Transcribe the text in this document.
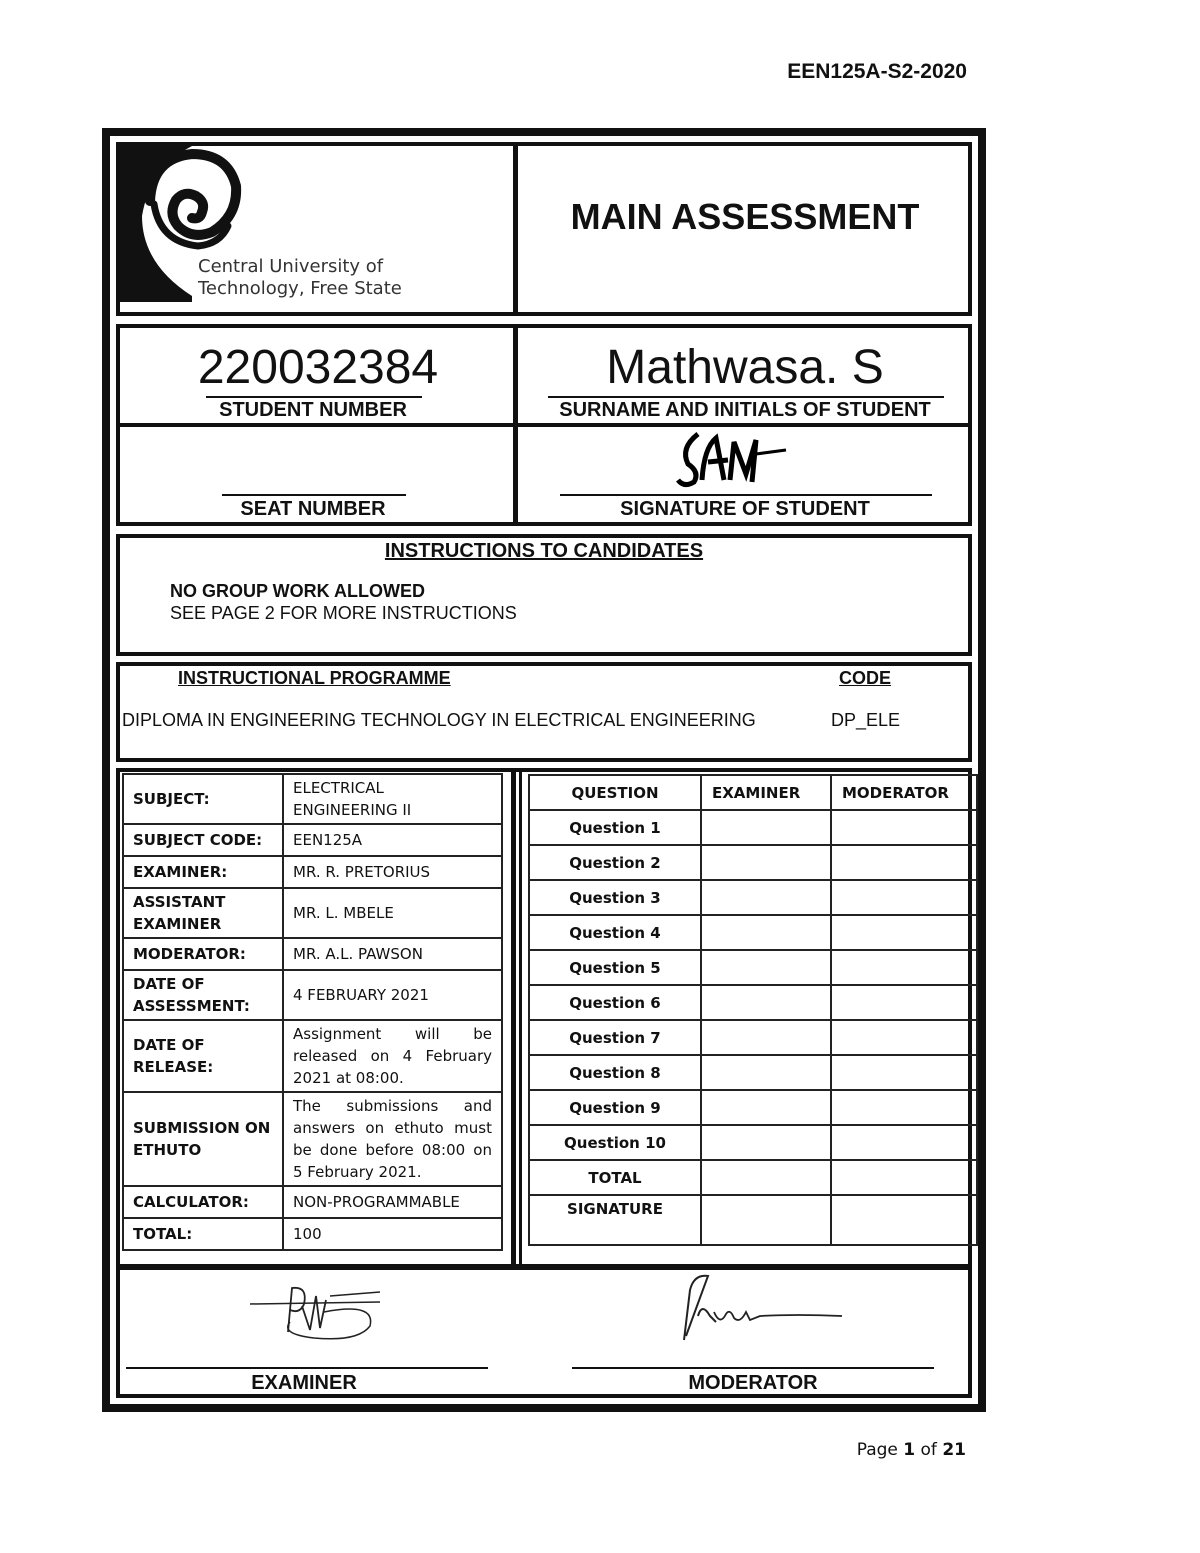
EEN125A-S2-2020
Central University of
Technology, Free State
MAIN ASSESSMENT
220032384
STUDENT NUMBER
Mathwasa. S
SURNAME AND INITIALS OF STUDENT
SEAT NUMBER	SIGNATURE OF STUDENT
INSTRUCTIONS TO CANDIDATES
NO GROUP WORK ALLOWED
SEE PAGE 2 FOR MORE INSTRUCTIONS
INSTRUCTIONAL PROGRAMME	CODE
DIPLOMA IN ENGINEERING TECHNOLOGY IN ELECTRICAL ENGINEERING	DP_ELE
SUBJECT:	ELECTRICAL ENGINEERING II
SUBJECT CODE:	EEN125A
EXAMINER:	MR. R. PRETORIUS
ASSISTANT EXAMINER	MR. L. MBELE
MODERATOR:	MR. A.L. PAWSON
DATE OF ASSESSMENT:	4 FEBRUARY 2021
DATE OF RELEASE:	Assignment will be released on 4 February 2021 at 08:00.
SUBMISSION ON ETHUTO	The submissions and answers on ethuto must be done before 08:00 on 5 February 2021.
CALCULATOR:	NON-PROGRAMMABLE
TOTAL:	100
QUESTION	EXAMINER	MODERATOR
Question 1		
Question 2		
Question 3		
Question 4		
Question 5		
Question 6		
Question 7		
Question 8		
Question 9		
Question 10		
TOTAL		
SIGNATURE		
EXAMINER	MODERATOR
Page 1 of 21
